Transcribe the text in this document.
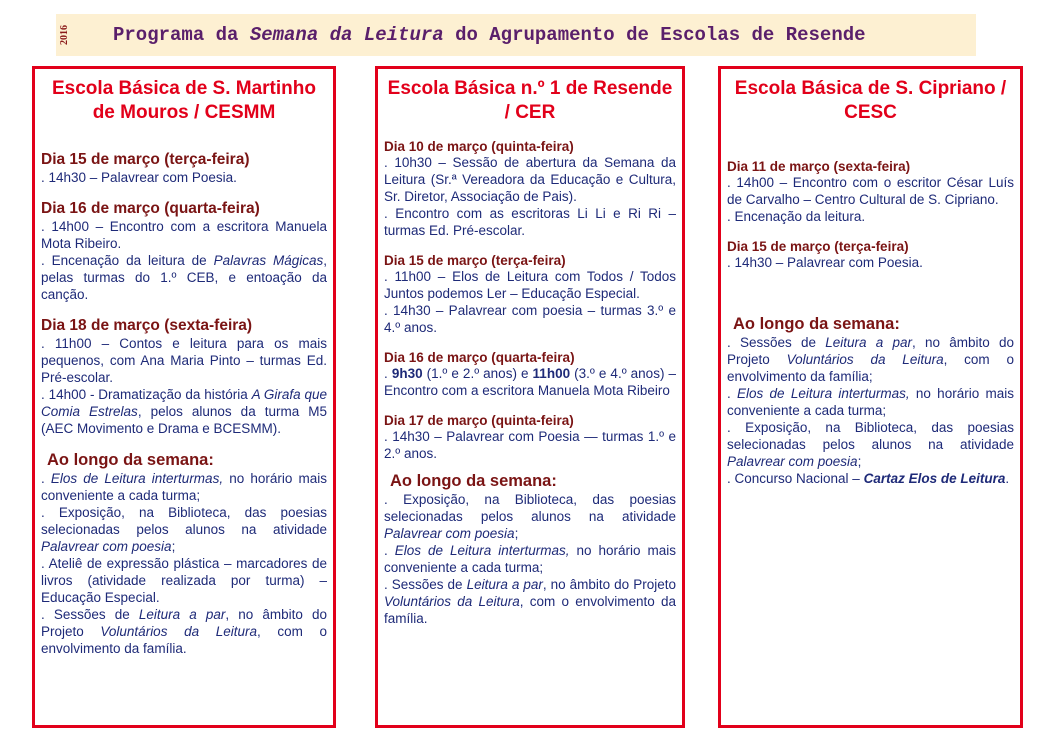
2016 Programa da Semana da Leitura do Agrupamento de Escolas de Resende
Escola Básica de S. Martinho de Mouros / CESMM
Dia 15 de março (terça-feira)
. 14h30 – Palavrear com Poesia.
Dia 16 de março (quarta-feira)
. 14h00 – Encontro com a escritora Manuela Mota Ribeiro.
. Encenação da leitura de Palavras Mágicas, pelas turmas do 1.º CEB, e entoação da canção.
Dia 18 de março (sexta-feira)
. 11h00 – Contos e leitura para os mais pequenos, com Ana Maria Pinto – turmas Ed. Pré-escolar.
. 14h00 - Dramatização da história A Girafa que Comia Estrelas, pelos alunos da turma M5 (AEC Movimento e Drama e BCESMM).
Ao longo da semana:
. Elos de Leitura interturmas, no horário mais conveniente a cada turma;
. Exposição, na Biblioteca, das poesias selecionadas pelos alunos na atividade Palavrear com poesia;
. Ateliê de expressão plástica – marcadores de livros (atividade realizada por turma) – Educação Especial.
. Sessões de Leitura a par, no âmbito do Projeto Voluntários da Leitura, com o envolvimento da família.
Escola Básica n.º 1 de Resende / CER
Dia 10 de março (quinta-feira)
. 10h30 – Sessão de abertura da Semana da Leitura (Sr.ª Vereadora da Educação e Cultura, Sr. Diretor, Associação de Pais).
. Encontro com as escritoras Li Li e Ri Ri – turmas Ed. Pré-escolar.
Dia 15 de março (terça-feira)
. 11h00 – Elos de Leitura com Todos / Todos Juntos podemos Ler – Educação Especial.
. 14h30 – Palavrear com poesia – turmas 3.º e 4.º anos.
Dia 16 de março (quarta-feira)
. 9h30 (1.º e 2.º anos) e 11h00 (3.º e 4.º anos) – Encontro com a escritora Manuela Mota Ribeiro
Dia 17 de março (quinta-feira)
. 14h30 – Palavrear com Poesia — turmas 1.º e 2.º anos.
Ao longo da semana:
. Exposição, na Biblioteca, das poesias selecionadas pelos alunos na atividade Palavrear com poesia;
. Elos de Leitura interturmas, no horário mais conveniente a cada turma;
. Sessões de Leitura a par, no âmbito do Projeto Voluntários da Leitura, com o envolvimento da família.
Escola Básica de S. Cipriano / CESC
Dia 11 de março (sexta-feira)
. 14h00 – Encontro com o escritor César Luís de Carvalho – Centro Cultural de S. Cipriano.
. Encenação da leitura.
Dia 15 de março (terça-feira)
. 14h30 – Palavrear com Poesia.
Ao longo da semana:
. Sessões de Leitura a par, no âmbito do Projeto Voluntários da Leitura, com o envolvimento da família;
. Elos de Leitura interturmas, no horário mais conveniente a cada turma;
. Exposição, na Biblioteca, das poesias selecionadas pelos alunos na atividade Palavrear com poesia;
. Concurso Nacional – Cartaz Elos de Leitura.
